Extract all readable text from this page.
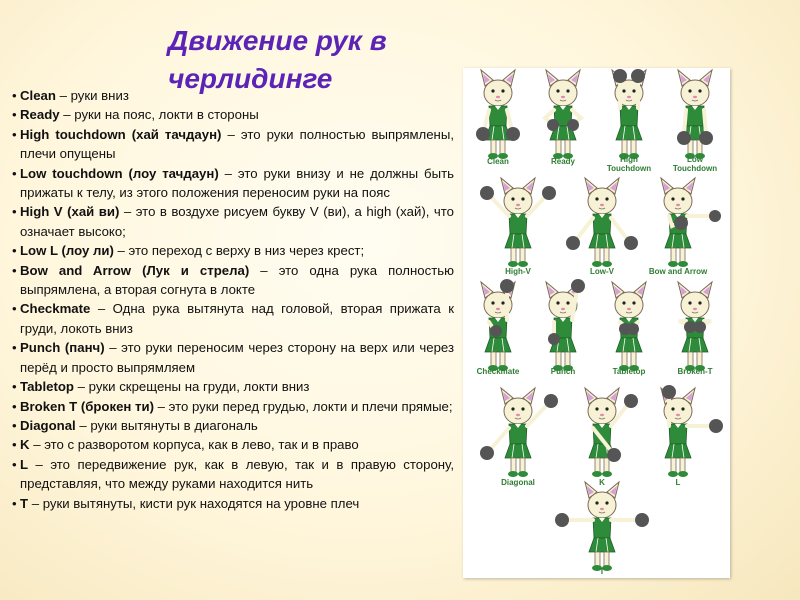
Движение рук в черлидинге
• Clean – руки вниз
• Ready – руки на пояс, локти в стороны
• High touchdown (хай тачдаун) – это руки полностью выпрямлены, плечи опущены
• Low touchdown (лоу тачдаун) – это руки внизу и не должны быть прижаты к телу, из этого положения переносим руки на пояс
• High V (хай ви) – это в воздухе рисуем букву V (ви), а high (хай), что означает высоко;
• Low L (лоу ли) – это переход с верху в низ через крест;
• Bow and Arrow (Лук и стрела) – это одна рука полностью выпрямлена, а вторая согнута в локте
• Checkmate – Одна рука вытянута над головой, вторая прижата к груди, локоть вниз
• Punch (панч) – это руки переносим через сторону на верх или через перёд и просто выпрямляем
• Tabletop – руки скрещены на груди, локти вниз
• Broken T (брокен ти) – это руки перед грудью, локти и плечи прямые;
• Diagonal – руки вытянуты в диагональ
• K – это с разворотом корпуса, как в лево, так и в право
• L – это передвижение рук, как в левую, так и в правую сторону, представляя, что между руками находится нить
• T – руки вытянуты, кисти рук находятся на уровне плеч
Clean	Ready	High
Touchdown
Low
Touchdown
High-V	Low-V	Bow and Arrow
Checkmate	Punch	Tabletop	Broken-T
Diagonal	K	L
T
